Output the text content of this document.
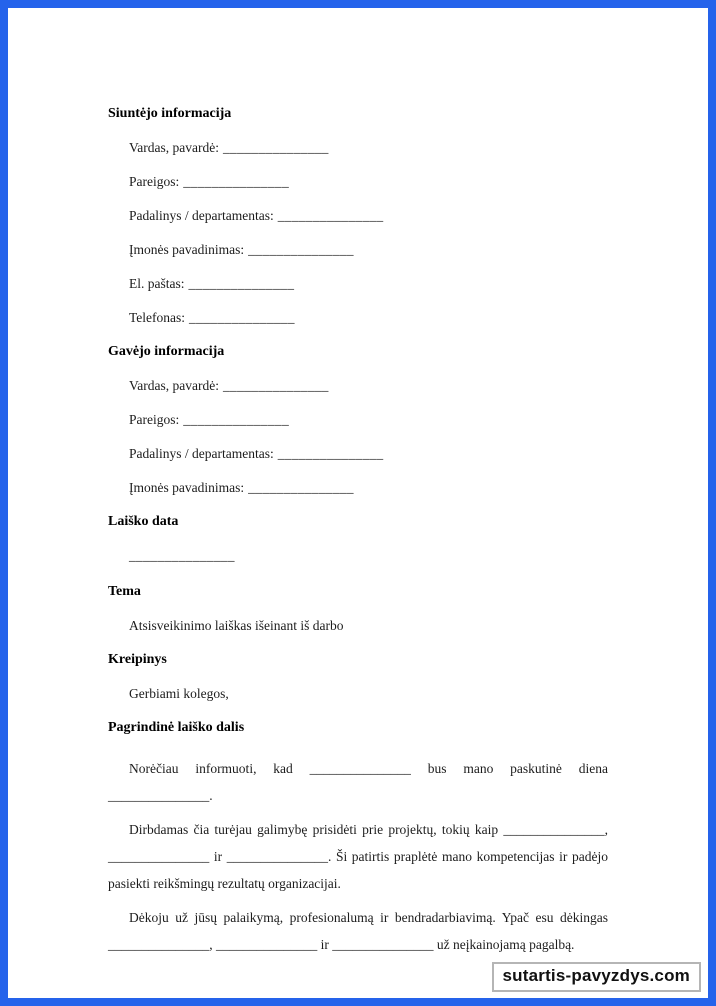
Siuntėjo informacija
Vardas, pavardė: _______________
Pareigos: _______________
Padalinys / departamentas: _______________
Įmonės pavadinimas: _______________
El. paštas: _______________
Telefonas: _______________
Gavėjo informacija
Vardas, pavardė: _______________
Pareigos: _______________
Padalinys / departamentas: _______________
Įmonės pavadinimas: _______________
Laiško data
_______________
Tema
Atsisveikinimo laiškas išeinant iš darbo
Kreipinys
Gerbiami kolegos,
Pagrindinė laiško dalis

Norėčiau informuoti, kad _______________ bus mano paskutinė diena _______________.

Dirbdamas čia turėjau galimybę prisidėti prie projektų, tokių kaip _______________, _______________ ir _______________. Ši patirtis praplėtė mano kompetencijas ir padėjo pasiekti reikšmingų rezultatų organizacijai.

Dėkoju už jūsų palaikymą, profesionalumą ir bendradarbiavimą. Ypač esu dėkingas _______________, _______________ ir _______________ už neįkainojamą pagalbą.

sutartis-pavyzdys.com
